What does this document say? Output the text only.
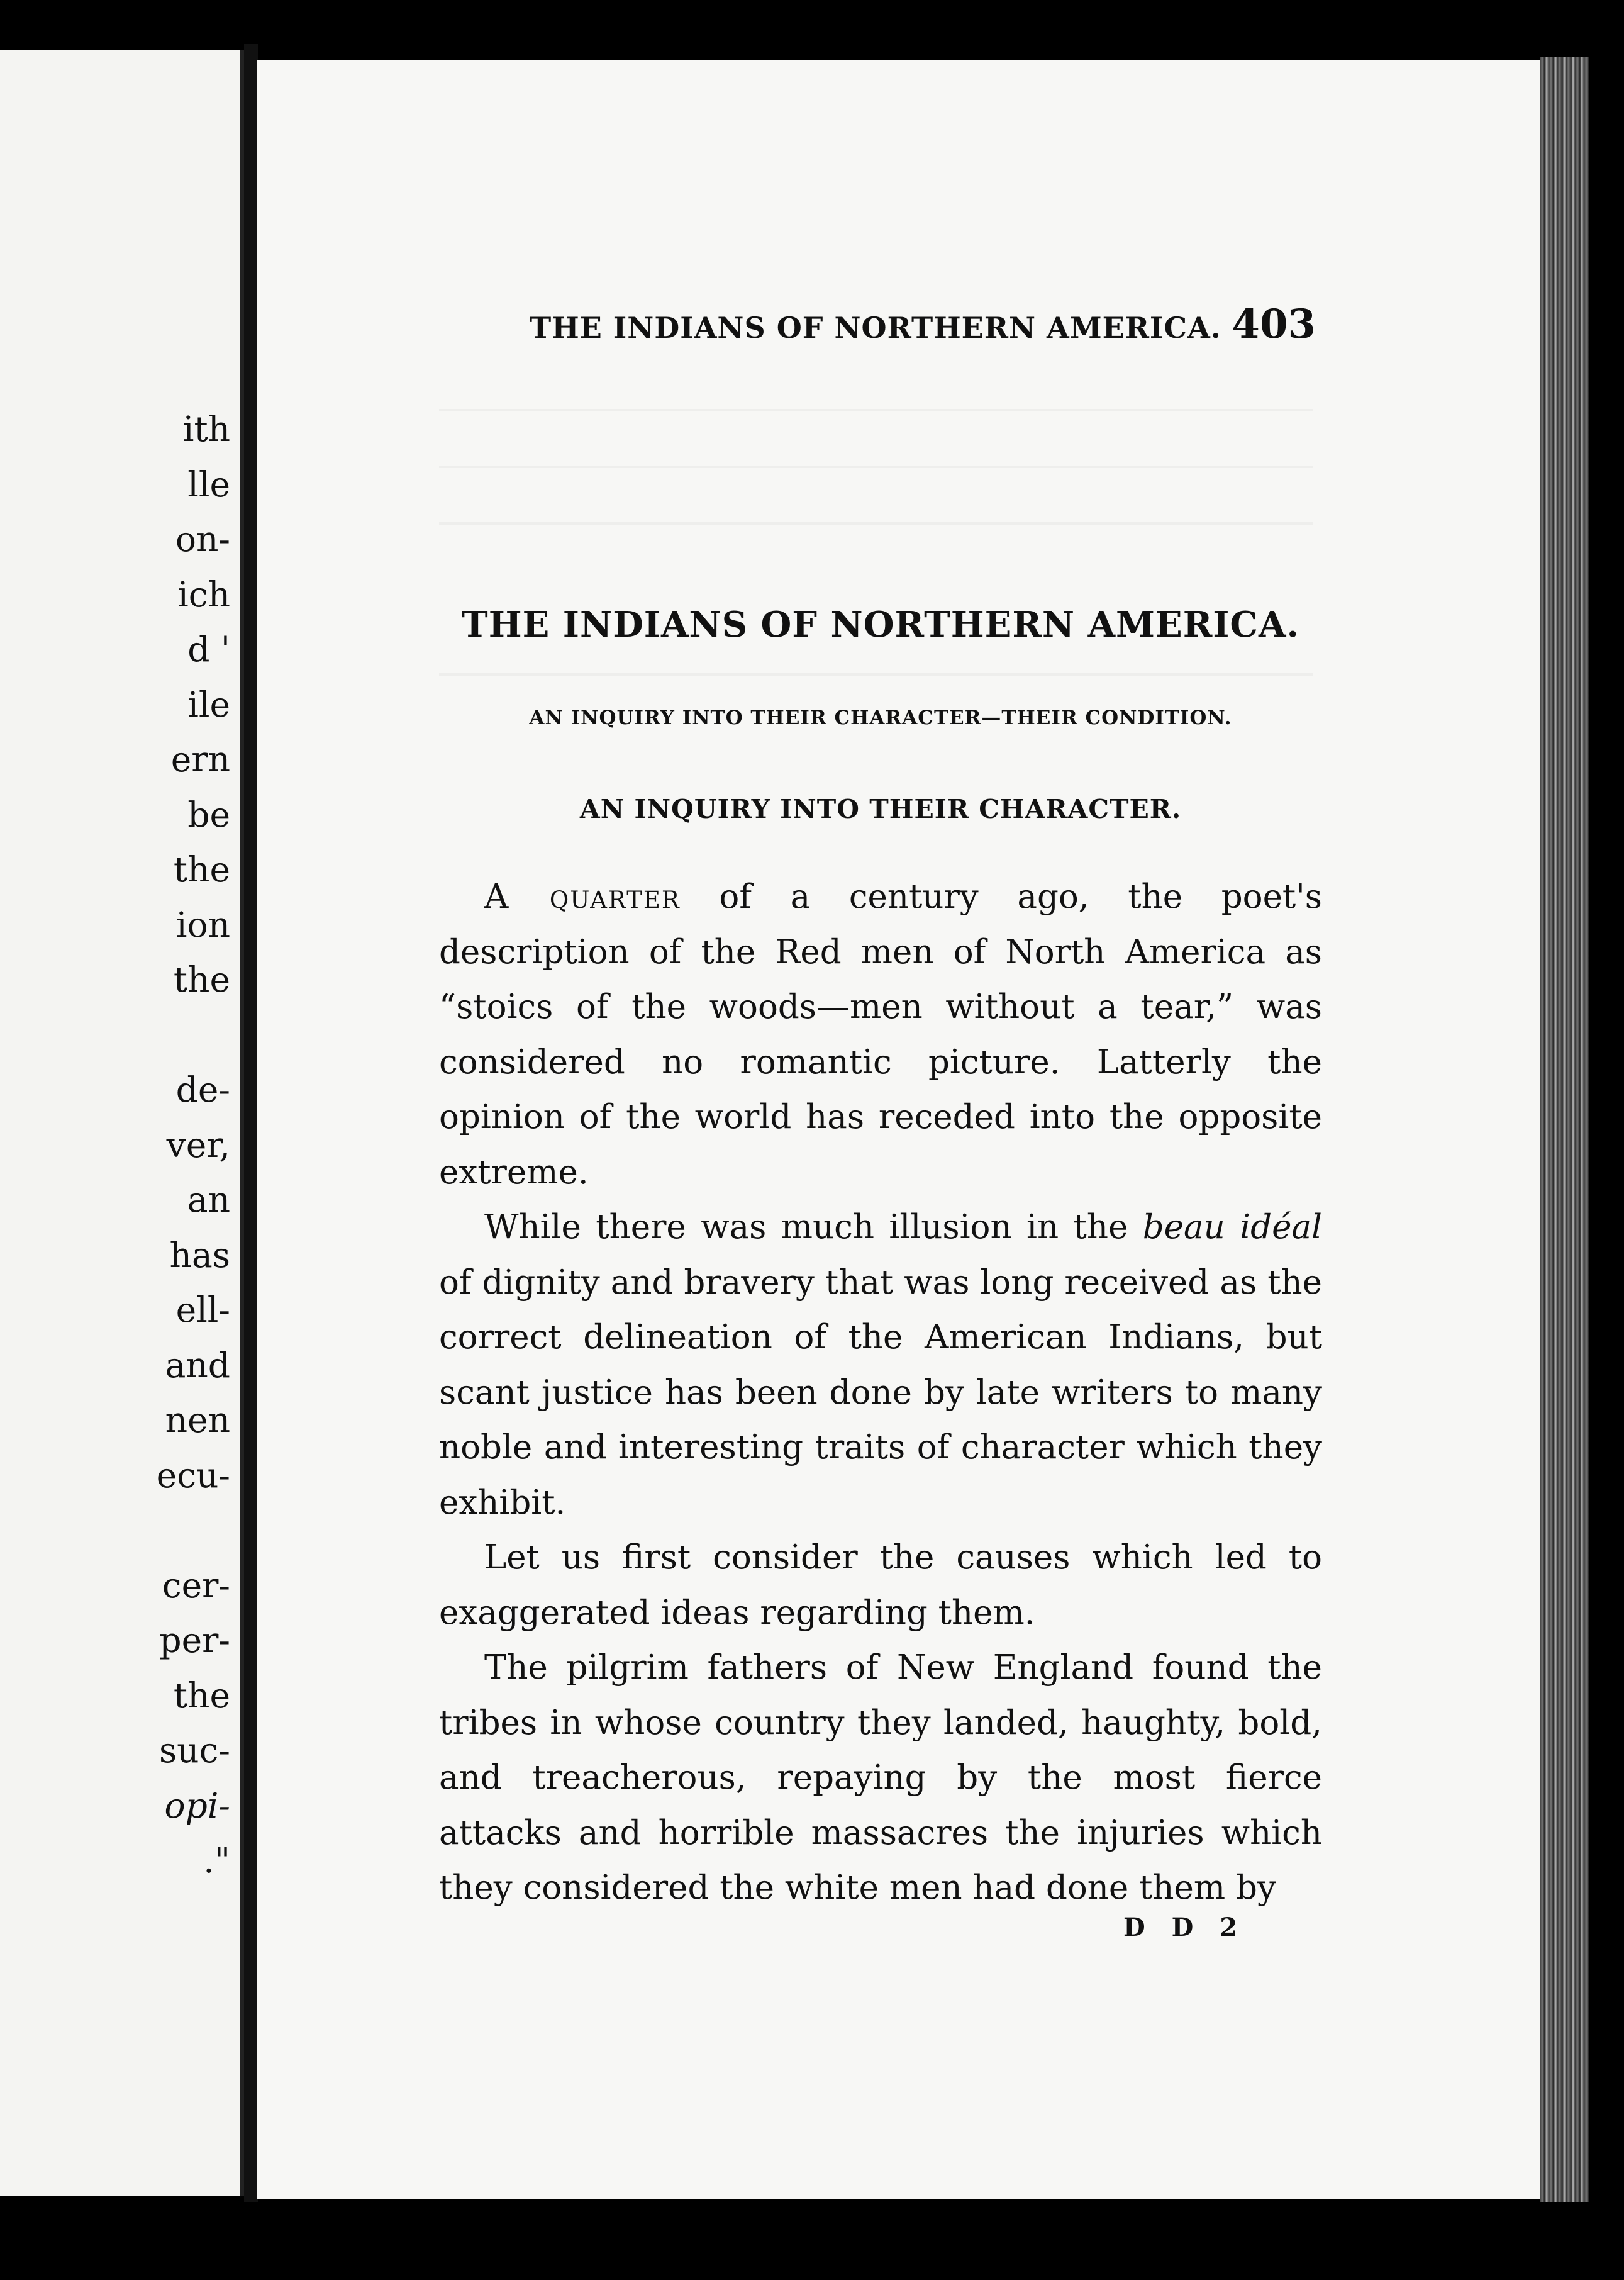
ith
lle
on-
ich
d '
ile
ern
be
the
ion
the
de-
ver,
an
has
ell-
and
nen
ecu-
cer-
per-
the
suc-
opi-
."
THE INDIANS OF NORTHERN AMERICA. 403
THE INDIANS OF NORTHERN AMERICA.
AN INQUIRY INTO THEIR CHARACTER—THEIR CONDITION.
AN INQUIRY INTO THEIR CHARACTER.

A quarter of a century ago, the poet's description of the Red men of North America as “stoics of the woods—men without a tear,” was considered no romantic picture. Latterly the opinion of the world has receded into the opposite extreme.

While there was much illusion in the beau idéal of dignity and bravery that was long received as the correct delineation of the American Indians, but scant justice has been done by late writers to many noble and interesting traits of character which they exhibit.

Let us first consider the causes which led to exaggerated ideas regarding them.

The pilgrim fathers of New England found the tribes in whose country they landed, haughty, bold, and treacherous, repaying by the most fierce attacks and horrible massacres the injuries which they considered the white men had done them by

D D 2
